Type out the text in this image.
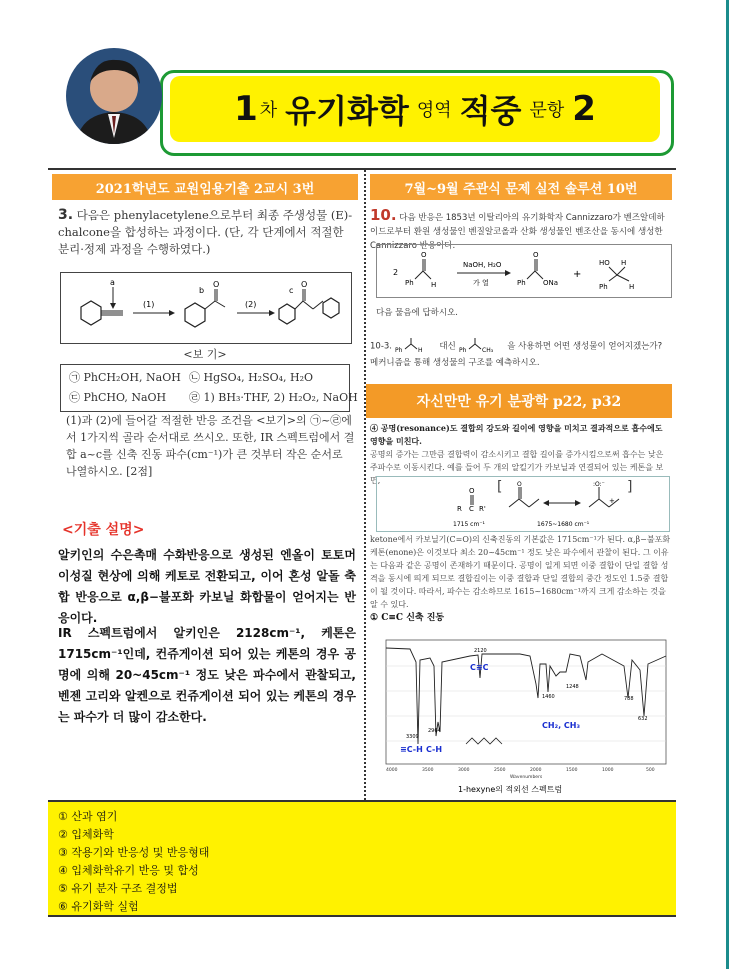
1 차 유기화학 영역 적중 문항 2
2021학년도 교원임용기출 2교시 3번	7월~9월 주관식 문제 실전 솔루션 10번
3. 다음은 phenylacetylene으로부터 최종 주생성물 (E)-chalcone을 합성하는 과정이다. (단, 각 단계에서 적절한 분리·정제 과정을 수행하였다.)
a
(1)
O
b
(2)
O
c
<보 기>
㉠ PhCH₂OH, NaOH ㉡ HgSO₄, H₂SO₄, H₂O
㉢ PhCHO, NaOH	㉣ 1) BH₃·THF, 2) H₂O₂, NaOH
(1)과 (2)에 들어갈 적절한 반응 조건을 <보기>의 ㉠~㉣에서 1가지씩 골라 순서대로 쓰시오. 또한, IR 스펙트럼에서 결합 a~c를 신축 진동 파수(cm⁻¹)가 큰 것부터 작은 순서로 나열하시오. [2점]
<기출 설명>
알키인의 수은촉매 수화반응으로 생성된 엔올이 토토머 이성질 현상에 의해 케토로 전환되고, 이어 혼성 알돌 축합 반응으로 α,β−불포화 카보닐 화합물이 얻어지는 반응이다.
IR 스펙트럼에서 알키인은 2128cm⁻¹, 케톤은 1715cm⁻¹인데, 컨쥬게이션 되어 있는 케톤의 경우 공명에 의해 20~45cm⁻¹ 정도 낮은 파수에서 관찰되고, 벤젠 고리와 알켄으로 컨쥬게이션 되어 있는 케톤의 경우는 파수가 더 많이 감소한다.
10. 다음 반응은 1853년 이탈리아의 유기화학자 Cannizzaro가 벤즈알데하이드로부터 환원 생성물인 벤질알코올과 산화 생성물인 벤조산을 동시에 생성한 Cannizzaro 반응이다.
2
Ph
O
H
NaOH, H₂O
가 열	Ph
O
ONa
+
HO H
Ph	H
다음 물음에 답하시오.
10-3. Ph	H 대신 Ph	CH₃ 을 사용하면 어떤 생성물이 얻어지겠는가? 메커니즘을 통해 생성물의 구조를 예측하시오.
자신만만 유기 분광학 p22, p32
④ 공명(resonance)도 결합의 강도와 길이에 영향을 미치고 결과적으로 흡수에도 영향을 미친다.
공명의 증가는 그만큼 결합력이 감소시키고 결합 길이를 증가시킴으로써 흡수는 낮은 주파수로 이동시킨다. 예를 들어 두 개의 알킬기가 카보닐과 연결되어 있는 케톤을 보면,
O
R C R'
1715 cm⁻¹
[ O	:O:⁻
+
]
1675~1680 cm⁻¹
ketone에서 카보닐기(C=O)의 신축진동의 기본값은 1715cm⁻¹가 된다. α,β−불포화 케톤(enone)은 이것보다 최소 20~45cm⁻¹ 정도 낮은 파수에서 관찰이 된다. 그 이유는 다음과 같은 공명이 존재하기 때문이다. 공명이 일게 되면 이중 결합이 단일 결합 성격을 동시에 띄게 되므로 결합길이는 이중 결합과 단일 결합의 중간 정도인 1.5중 결합이 될 것이다. 따라서, 파수는 감소하므로 1615~1680cm⁻¹까지 크게 감소하는 것을 알 수 있다.
① C≡C 신축 진동
3309
2964
2120
1460
1248
788
632
≡C-H C-H
C≡C
CH₂, CH₃
4000	3500	3000	2500	2000	1500	1000	500
Wavenumbers
1-hexyne의 적외선 스펙트럼
① 산과 염기
② 입체화학
③ 작용기와 반응성 및 반응형태
④ 입체화학유기 반응 및 합성
⑤ 유기 분자 구조 결정법
⑥ 유기화학 실험
